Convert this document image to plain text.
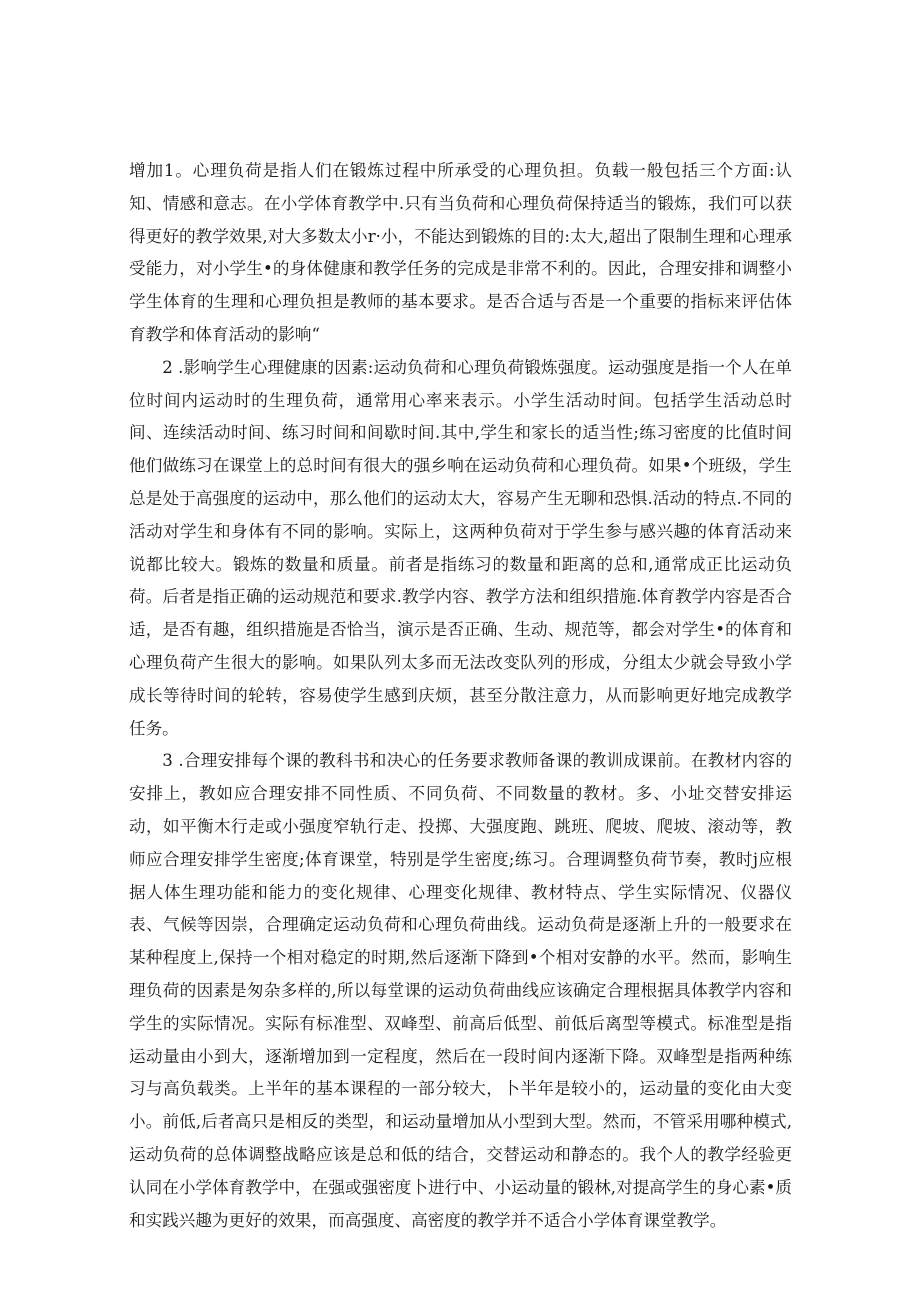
增加1。心理负荷是指人们在锻炼过程中所承受的心理负担。负载一般包括三个方面:认知、情感和意志。在小学体育教学中.只有当负荷和心理负荷保持适当的锻炼，我们可以获得更好的教学效果,对大多数太小r·小，不能达到锻炼的目的:太大,超出了限制生理和心理承受能力，对小学生•的身体健康和教学任务的完成是非常不利的。因此，合理安排和调整小学生体育的生理和心理负担是教师的基本要求。是否合适与否是一个重要的指标来评估体育教学和体育活动的影响“

2 .影响学生心理健康的因素:运动负荷和心理负荷锻炼强度。运动强度是指一个人在单位时间内运动时的生理负荷，通常用心率来表示。小学生活动时间。包括学生活动总时间、连续活动时间、练习时间和间歇时间.其中,学生和家长的适当性;练习密度的比值时间他们做练习在课堂上的总时间有很大的强乡响在运动负荷和心理负荷。如果•个班级，学生总是处于高强度的运动中，那么他们的运动太大，容易产生无聊和恐惧.活动的特点.不同的活动对学生和身体有不同的影响。实际上，这两种负荷对于学生参与感兴趣的体育活动来说都比较大。锻炼的数量和质量。前者是指练习的数量和距离的总和,通常成正比运动负荷。后者是指正确的运动规范和要求.教学内容、教学方法和组织措施.体育教学内容是否合适，是否有趣，组织措施是否恰当，演示是否正确、生动、规范等，都会对学生•的体育和心理负荷产生很大的影响。如果队列太多而无法改变队列的形成，分组太少就会导致小学成长等待时间的轮转，容易使学生感到庆烦，甚至分散注意力，从而影响更好地完成教学任务。

3 .合理安排每个课的教科书和决心的任务要求教师备课的教训成课前。在教材内容的安排上，教如应合理安排不同性质、不同负荷、不同数量的教材。多、小址交替安排运动，如平衡木行走或小强度窄轨行走、投掷、大强度跑、跳班、爬坡、爬坡、滚动等，教师应合理安排学生密度;体育课堂，特别是学生密度;练习。合理调整负荷节奏，教时j应根据人体生理功能和能力的变化规律、心理变化规律、教材特点、学生实际情况、仪器仪表、气候等因崇，合理确定运动负荷和心理负荷曲线。运动负荷是逐渐上升的一般要求在某种程度上,保持一个相对稳定的时期,然后逐渐下降到•个相对安静的水平。然而，影响生理负荷的因素是匆杂多样的,所以每堂课的运动负荷曲线应该确定合理根据具体教学内容和学生的实际情况。实际有标准型、双峰型、前高后低型、前低后离型等模式。标准型是指运动量由小到大，逐渐增加到一定程度，然后在一段时间内逐渐下降。双峰型是指两种练习与高负载类。上半年的基本课程的一部分较大，卜半年是较小的，运动量的变化由大变小。前低,后者高只是相反的类型，和运动量增加从小型到大型。然而，不管采用哪种模式,运动负荷的总体调整战略应该是总和低的结合，交替运动和静态的。我个人的教学经验更认同在小学体育教学中，在强或强密度卜进行中、小运动量的锻林,对提高学生的身心素•质和实践兴趣为更好的效果，而高强度、高密度的教学并不适合小学体育课堂教学。
